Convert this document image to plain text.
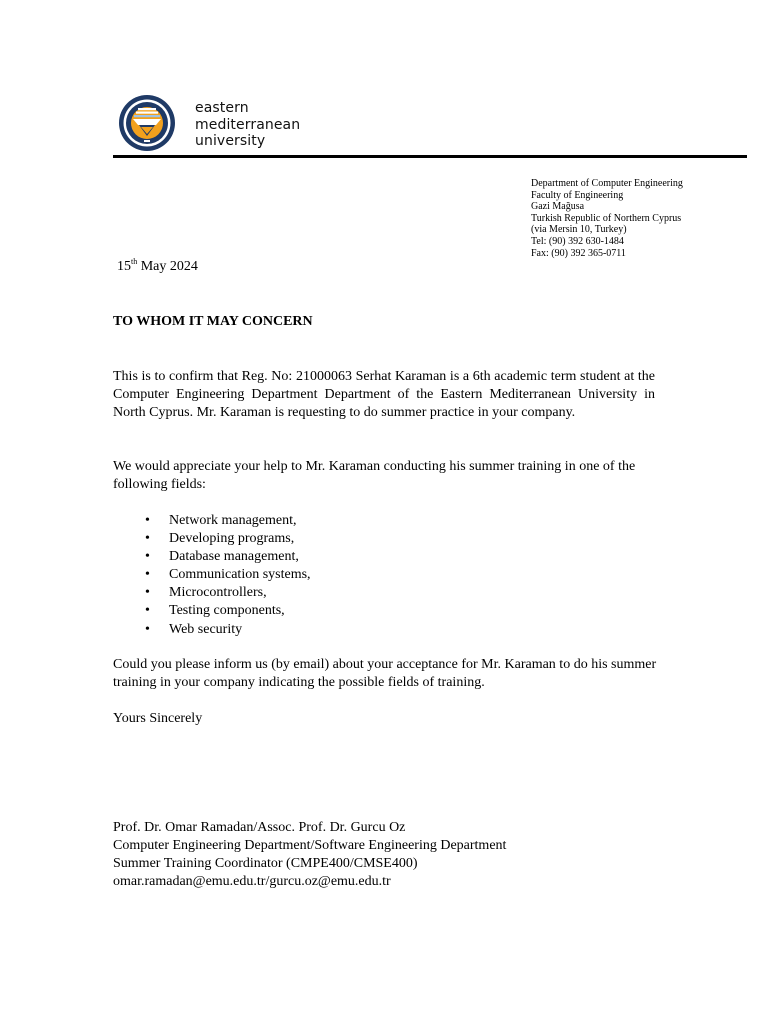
eastern
mediterranean
university
Department of Computer Engineering
Faculty of Engineering
Gazi Mağusa
Turkish Republic of Northern Cyprus
(via Mersin 10, Turkey)
Tel: (90) 392 630-1484
Fax: (90) 392 365-0711
15th May 2024
TO WHOM IT MAY CONCERN

This is to confirm that Reg. No: 21000063 Serhat Karaman is a 6th academic term student at the Computer Engineering Department Department of the Eastern Mediterranean University in North Cyprus. Mr. Karaman is requesting to do summer practice in your company.

We would appreciate your help to Mr. Karaman conducting his summer training in one of the following fields:

• Network management,
• Developing programs,
• Database management,
• Communication systems,
• Microcontrollers,
• Testing components,
• Web security

Could you please inform us (by email) about your acceptance for Mr. Karaman to do his summer training in your company indicating the possible fields of training.

Yours Sincerely
Prof. Dr. Omar Ramadan/Assoc. Prof. Dr. Gurcu Oz
Computer Engineering Department/Software Engineering Department
Summer Training Coordinator (CMPE400/CMSE400)
omar.ramadan@emu.edu.tr/gurcu.oz@emu.edu.tr
